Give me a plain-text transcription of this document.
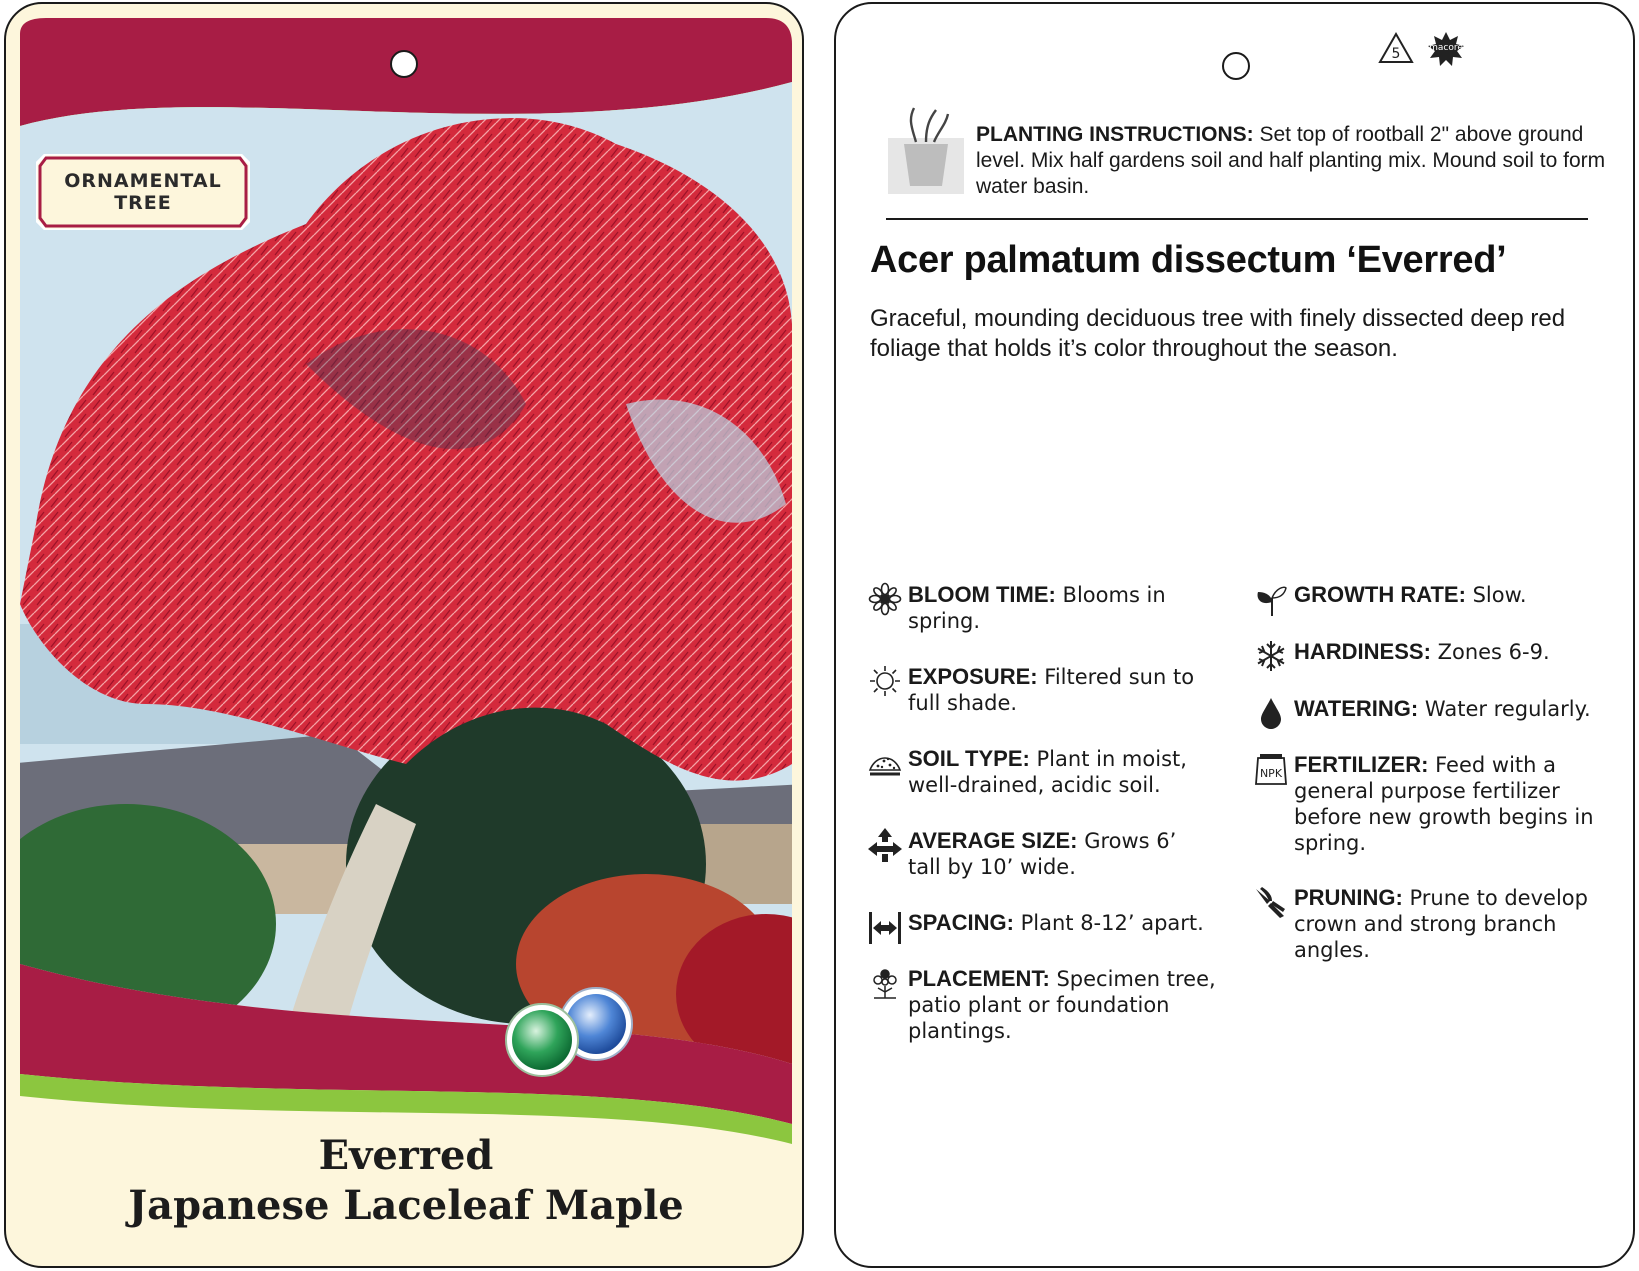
ORNAMENTAL
TREE
Everred
Japanese Laceleaf Maple
5	macore
PLANTING INSTRUCTIONS: Set top of rootball 2" above ground level. Mix half gardens soil and half planting mix. Mound soil to form water basin.
Acer palmatum dissectum ‘Everred’
Graceful, mounding deciduous tree with finely dissected deep red foliage that holds it’s color throughout the season.
BLOOM TIME: Blooms in spring.
EXPOSURE: Filtered sun to full shade.
SOIL TYPE: Plant in moist, well-drained, acidic soil.
AVERAGE SIZE: Grows 6’ tall by 10’ wide.
SPACING: Plant 8-12’ apart.
PLACEMENT: Specimen tree, patio plant or foundation plantings.
GROWTH RATE: Slow.
HARDINESS: Zones 6-9.
WATERING: Water regularly.
NPK FERTILIZER: Feed with a general purpose fertilizer before new growth begins in spring.
PRUNING: Prune to develop crown and strong branch angles.
